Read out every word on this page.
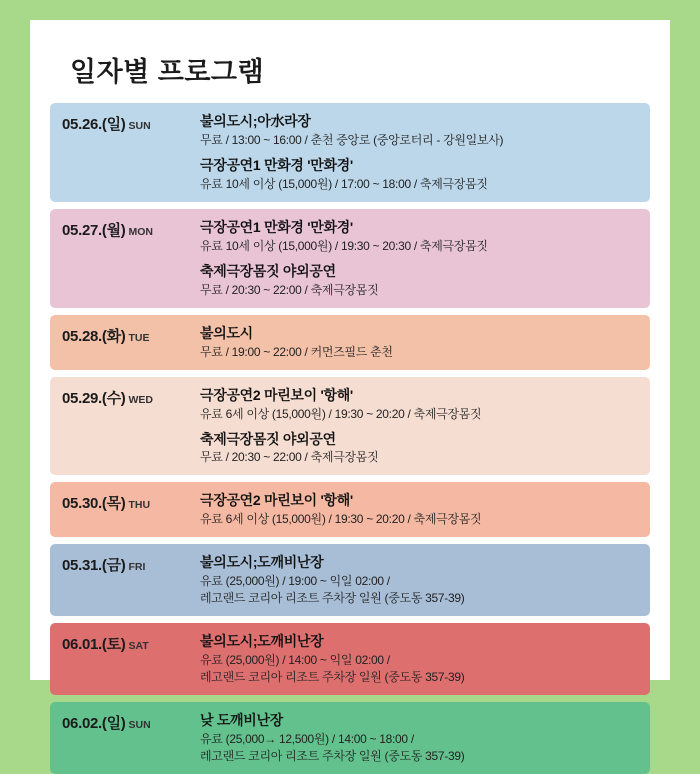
일자별 프로그램
05.26.(일) SUN	불의도시;아水라장
무료 / 13:00 ~ 16:00 / 춘천 중앙로 (중앙로터리 - 강원일보사)
극장공연1 만화경 '만화경'
유료 10세 이상 (15,000원) / 17:00 ~ 18:00 / 축제극장몸짓
05.27.(월) MON	극장공연1 만화경 '만화경'
유료 10세 이상 (15,000원) / 19:30 ~ 20:30 / 축제극장몸짓
축제극장몸짓 야외공연
무료 / 20:30 ~ 22:00 / 축제극장몸짓
05.28.(화) TUE	불의도시
무료 / 19:00 ~ 22:00 / 커먼즈필드 춘천
05.29.(수) WED	극장공연2 마린보이 '항해'
유료 6세 이상 (15,000원) / 19:30 ~ 20:20 / 축제극장몸짓
축제극장몸짓 야외공연
무료 / 20:30 ~ 22:00 / 축제극장몸짓
05.30.(목) THU	극장공연2 마린보이 '항해'
유료 6세 이상 (15,000원) / 19:30 ~ 20:20 / 축제극장몸짓
05.31.(금) FRI	불의도시;도깨비난장
유료 (25,000원) / 19:00 ~ 익일 02:00 /
레고랜드 코리아 리조트 주차장 일원 (중도동 357-39)
06.01.(토) SAT	불의도시;도깨비난장
유료 (25,000원) / 14:00 ~ 익일 02:00 /
레고랜드 코리아 리조트 주차장 일원 (중도동 357-39)
06.02.(일) SUN	낮 도깨비난장
유료 (25,000→ 12,500원) / 14:00 ~ 18:00 /
레고랜드 코리아 리조트 주차장 일원 (중도동 357-39)
